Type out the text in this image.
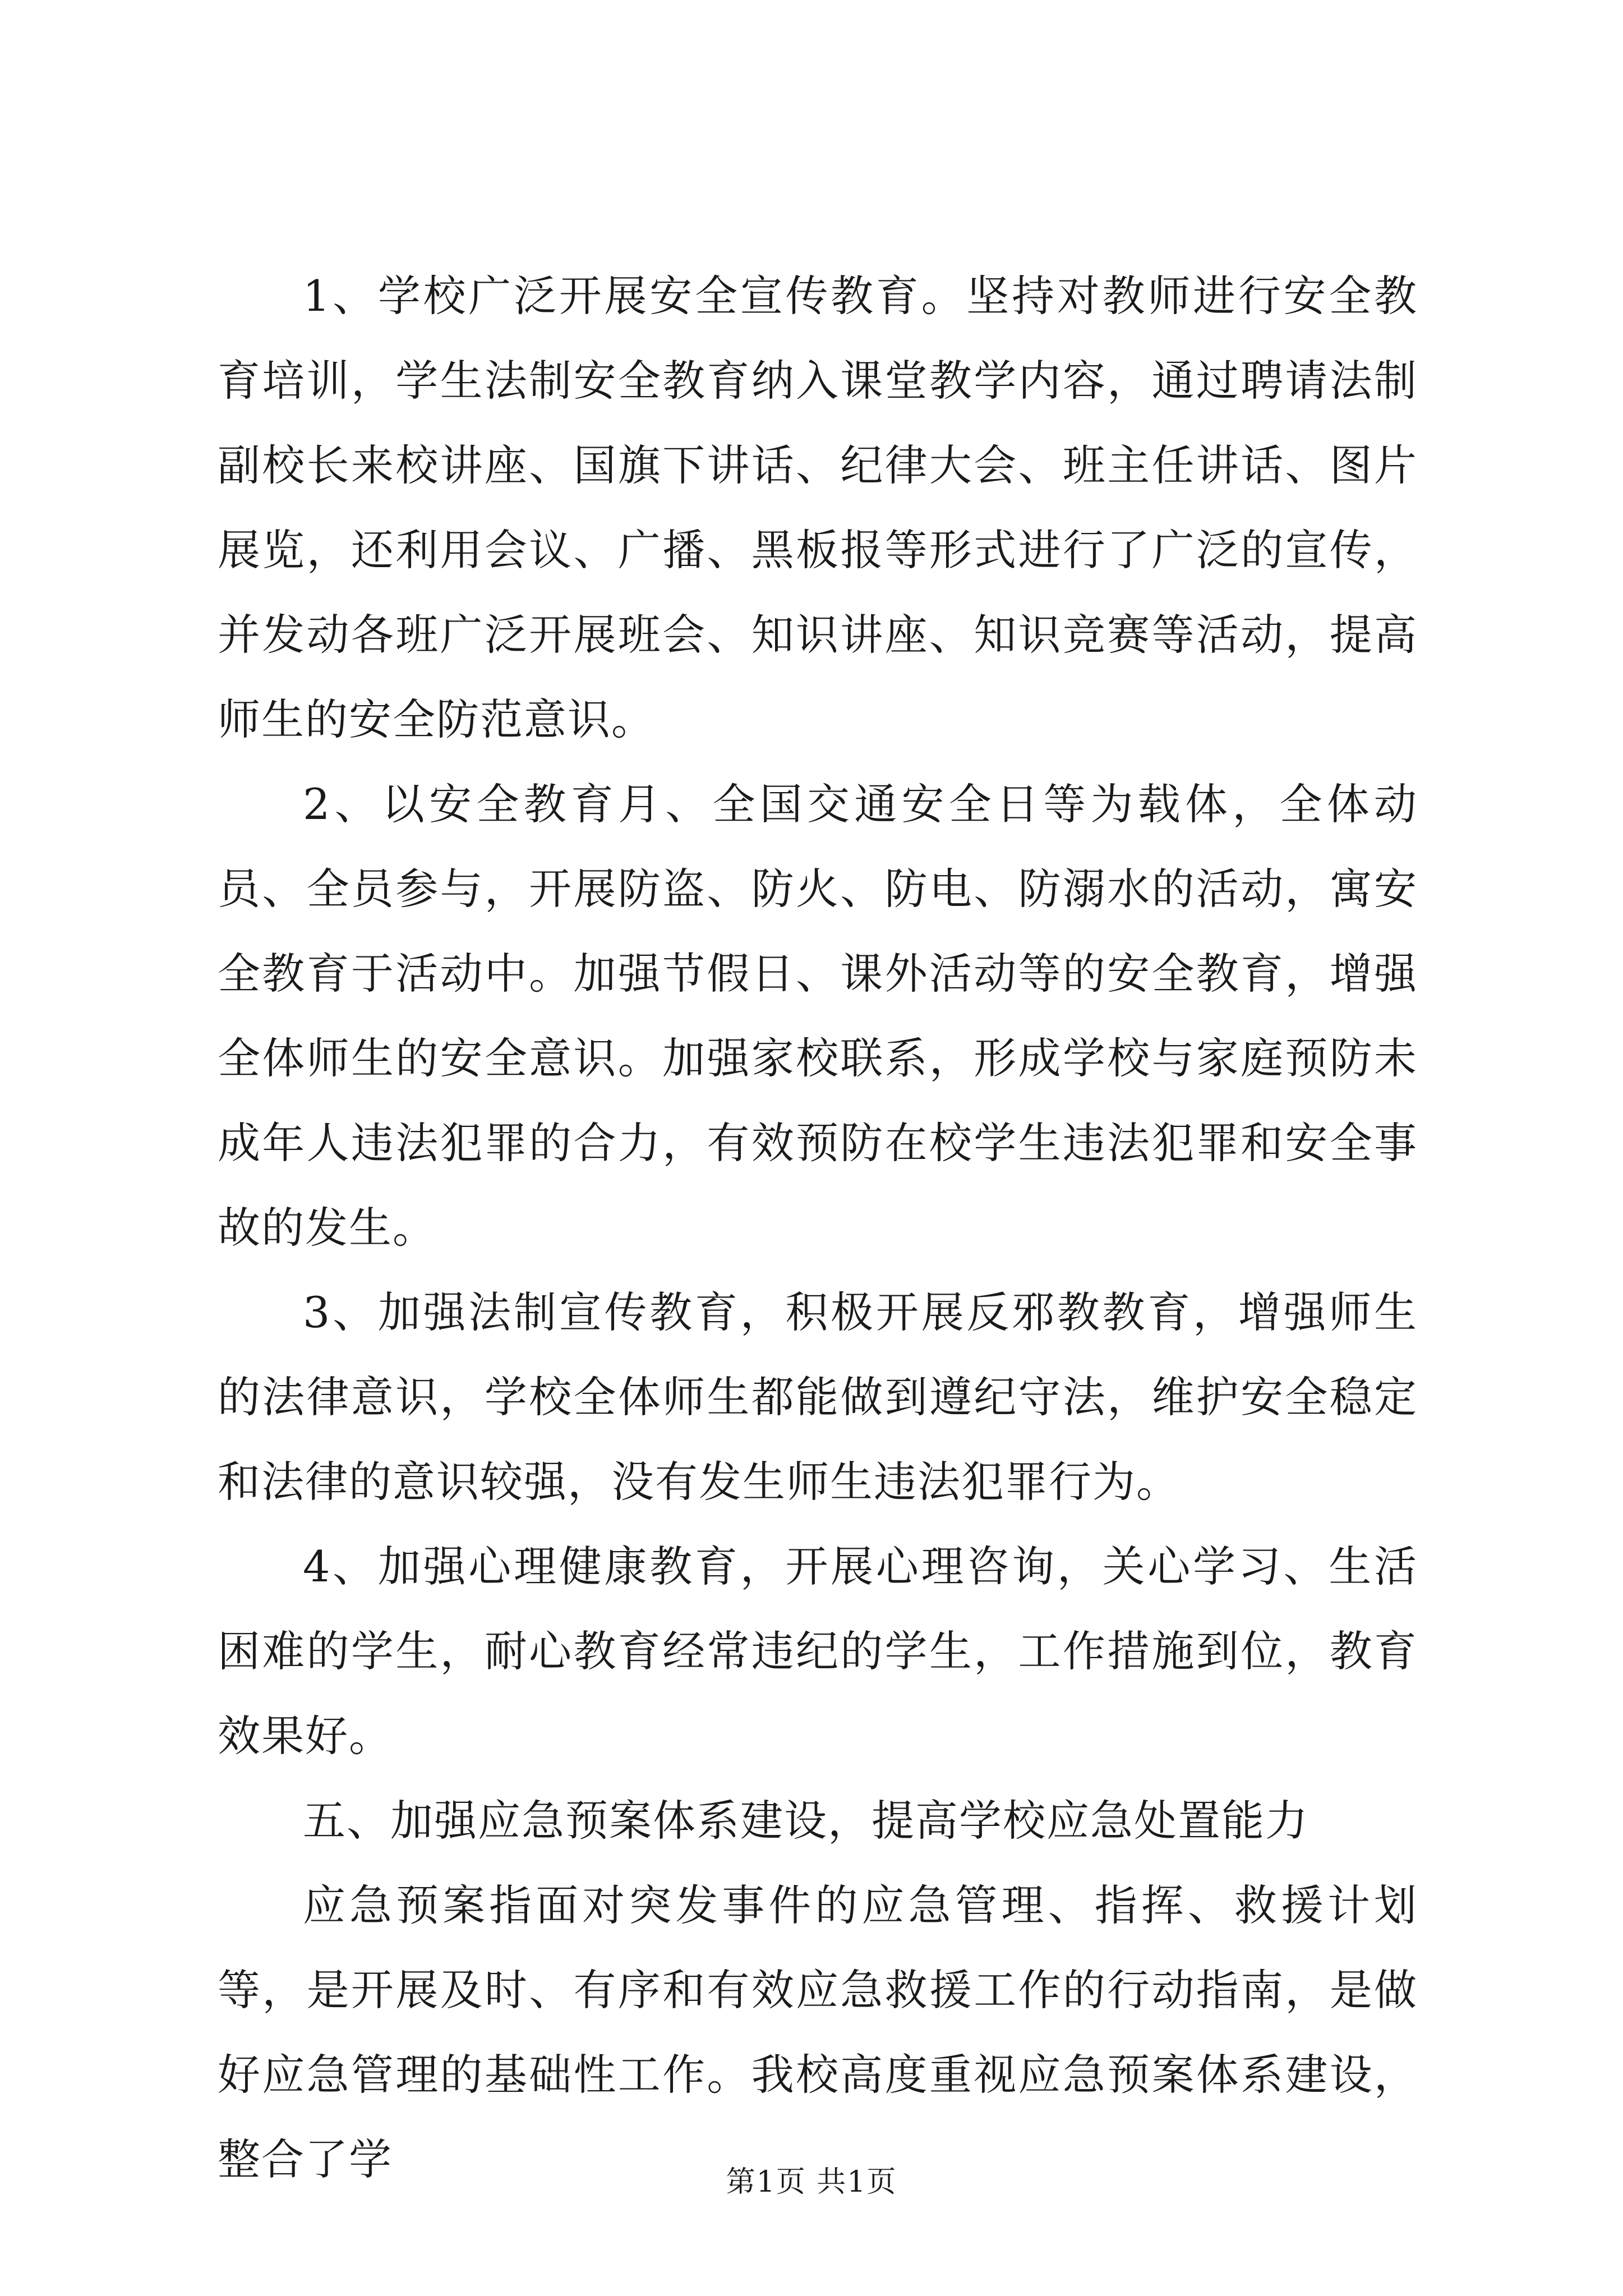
1、学校广泛开展安全宣传教育。坚持对教师进行安全教育培训，学生法制安全教育纳入课堂教学内容，通过聘请法制副校长来校讲座、国旗下讲话、纪律大会、班主任讲话、图片展览，还利用会议、广播、黑板报等形式进行了广泛的宣传，并发动各班广泛开展班会、知识讲座、知识竞赛等活动，提高师生的安全防范意识。

2、以安全教育月、全国交通安全日等为载体，全体动员、全员参与，开展防盗、防火、防电、防溺水的活动，寓安全教育于活动中。加强节假日、课外活动等的安全教育，增强全体师生的安全意识。加强家校联系，形成学校与家庭预防未成年人违法犯罪的合力，有效预防在校学生违法犯罪和安全事故的发生。

3、加强法制宣传教育，积极开展反邪教教育，增强师生的法律意识，学校全体师生都能做到遵纪守法，维护安全稳定和法律的意识较强，没有发生师生违法犯罪行为。

4、加强心理健康教育，开展心理咨询，关心学习、生活困难的学生，耐心教育经常违纪的学生，工作措施到位，教育效果好。

五、加强应急预案体系建设，提高学校应急处置能力

应急预案指面对突发事件的应急管理、指挥、救援计划等，是开展及时、有序和有效应急救援工作的行动指南，是做好应急管理的基础性工作。我校高度重视应急预案体系建设，整合了学	第1页 共1页
